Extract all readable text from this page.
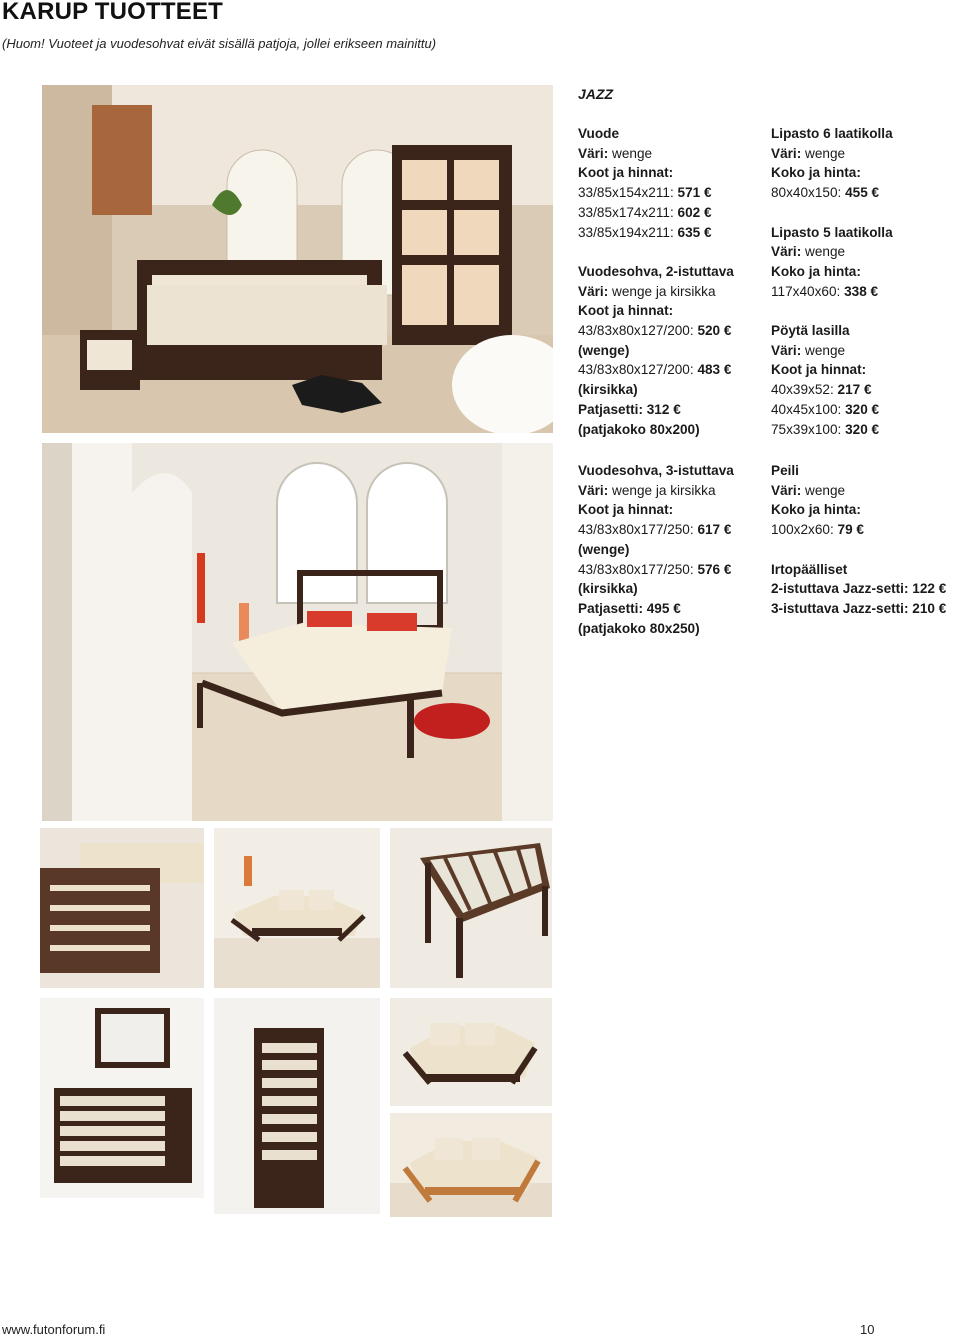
KARUP TUOTTEET
(Huom! Vuoteet ja vuodesohvat eivät sisällä patjoja, jollei erikseen mainittu)
JAZZ
Vuode
Väri: wenge
Koot ja hinnat:
33/85x154x211: 571 €
33/85x174x211: 602 €
33/85x194x211: 635 €
Vuodesohva, 2-istuttava
Väri: wenge ja kirsikka
Koot ja hinnat:
43/83x80x127/200: 520 €
(wenge)
43/83x80x127/200: 483 €
(kirsikka)
Patjasetti: 312 €
(patjakoko 80x200)
Vuodesohva, 3-istuttava
Väri: wenge ja kirsikka
Koot ja hinnat:
43/83x80x177/250: 617 €
(wenge)
43/83x80x177/250: 576 €
(kirsikka)
Patjasetti: 495 €
(patjakoko 80x250)
Lipasto 6 laatikolla
Väri: wenge
Koko ja hinta:
80x40x150: 455 €
Lipasto 5 laatikolla
Väri: wenge
Koko ja hinta:
117x40x60: 338 €
Pöytä lasilla
Väri: wenge
Koot ja hinnat:
40x39x52: 217 €
40x45x100: 320 €
75x39x100: 320 €
Peili
Väri: wenge
Koko ja hinta:
100x2x60: 79 €
Irtopäälliset
2-istuttava Jazz-setti: 122 €
3-istuttava Jazz-setti: 210 €
www.futonforum.fi	10
